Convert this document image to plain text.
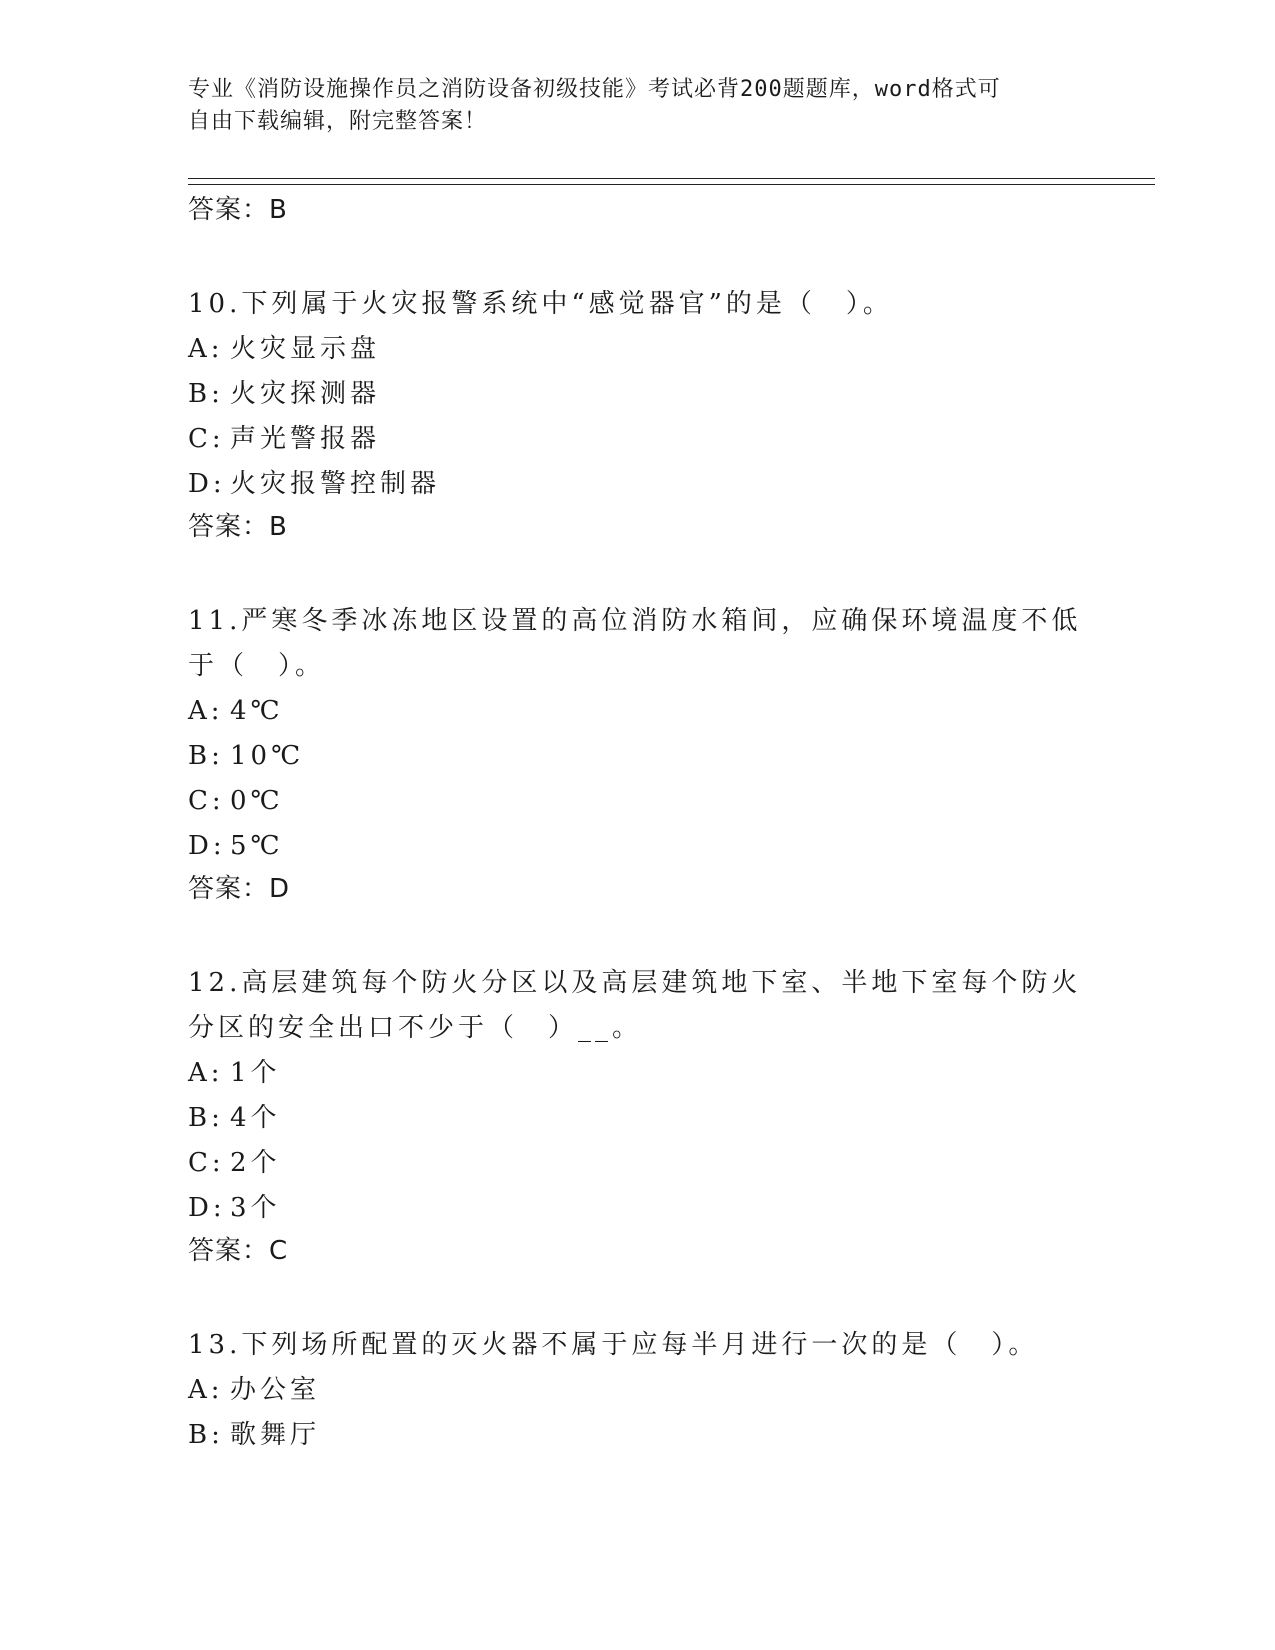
专业《消防设施操作员之消防设备初级技能》考试必背200题题库，word格式可
自由下载编辑，附完整答案！
答案：B
10.下列属于火灾报警系统中“感觉器官”的是（　）。
A: 火灾显示盘
B: 火灾探测器
C: 声光警报器
D: 火灾报警控制器
答案：B
11.严寒冬季冰冻地区设置的高位消防水箱间，应确保环境温度不低于（　）。
A: 4℃
B: 10℃
C: 0℃
D: 5℃
答案：D
12.高层建筑每个防火分区以及高层建筑地下室、半地下室每个防火分区的安全出口不少于（　）__。
A: 1个
B: 4个
C: 2个
D: 3个
答案：C
13.下列场所配置的灭火器不属于应每半月进行一次的是（　）。
A: 办公室
B: 歌舞厅
